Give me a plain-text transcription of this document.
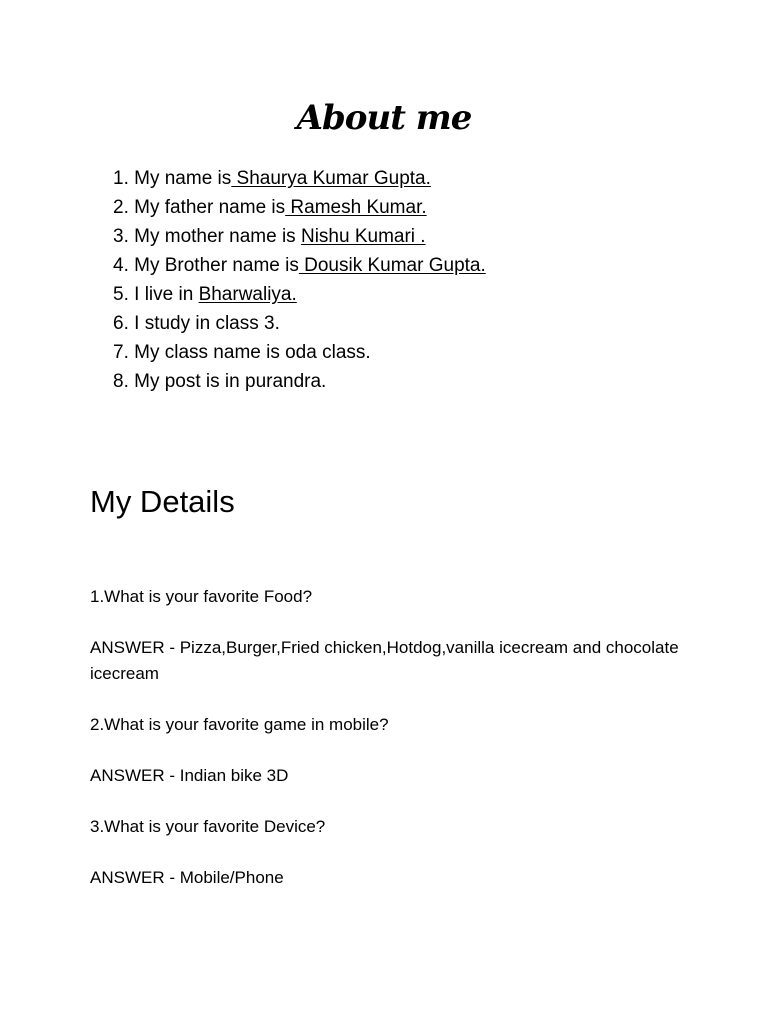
About me
1. My name is Shaurya Kumar Gupta.
2. My father name is Ramesh Kumar.
3. My mother name is Nishu Kumari .
4. My Brother name is Dousik Kumar Gupta.
5. I live in Bharwaliya.
6. I study in class 3.
7. My class name is oda class.
8. My post is in purandra.
My Details

1.What is your favorite Food?

ANSWER - Pizza,Burger,Fried chicken,Hotdog,vanilla icecream and chocolate icecream

2.What is your favorite game in mobile?

ANSWER - Indian bike 3D

3.What is your favorite Device?

ANSWER - Mobile/Phone
